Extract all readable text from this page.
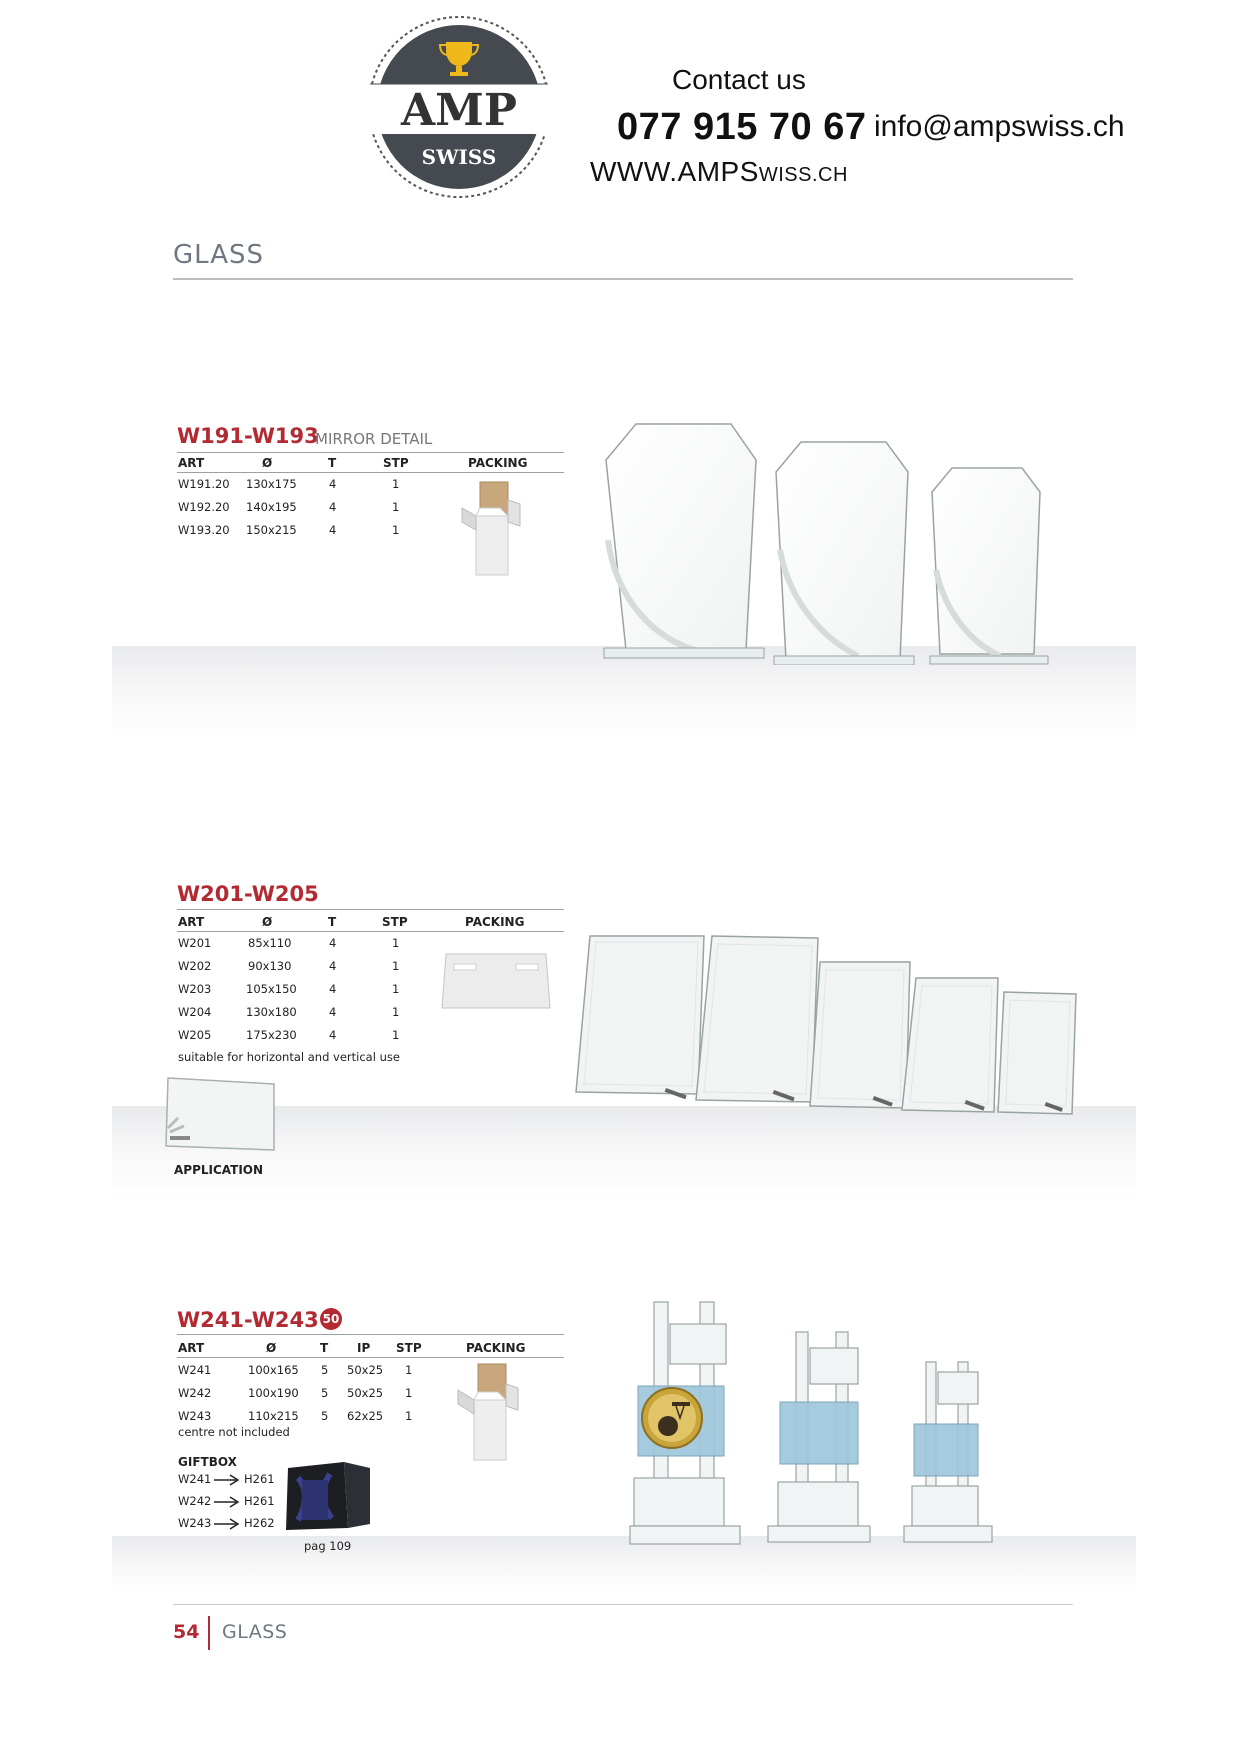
AMP
SWISS
Contact us
077 915 70 67 info@ampswiss.ch
WWW.AMPSWISS.CH
GLASS
W191-W193
MIRROR DETAIL
ART	Ø	T	STP	PACKING
W191.20 130x175	4	1
W192.20 140x195	4	1
W193.20 150x215	4	1
W201-W205
ART	Ø	T	STP	PACKING
W201	85x110	4	1
W202	90x130	4	1
W203	105x150	4	1
W204	130x180	4	1
W205	175x230	4	1
suitable for horizontal and vertical use
APPLICATION
W241-W243 50
ART	Ø	T IP STP	PACKING
W241	100x165 5 50x25 1
W242	100x190 5 50x25 1
W243	110x215 5 62x25 1
centre not included
GIFTBOX
W241	H261
W242	H261
W243	H262
pag 109
54 GLASS
